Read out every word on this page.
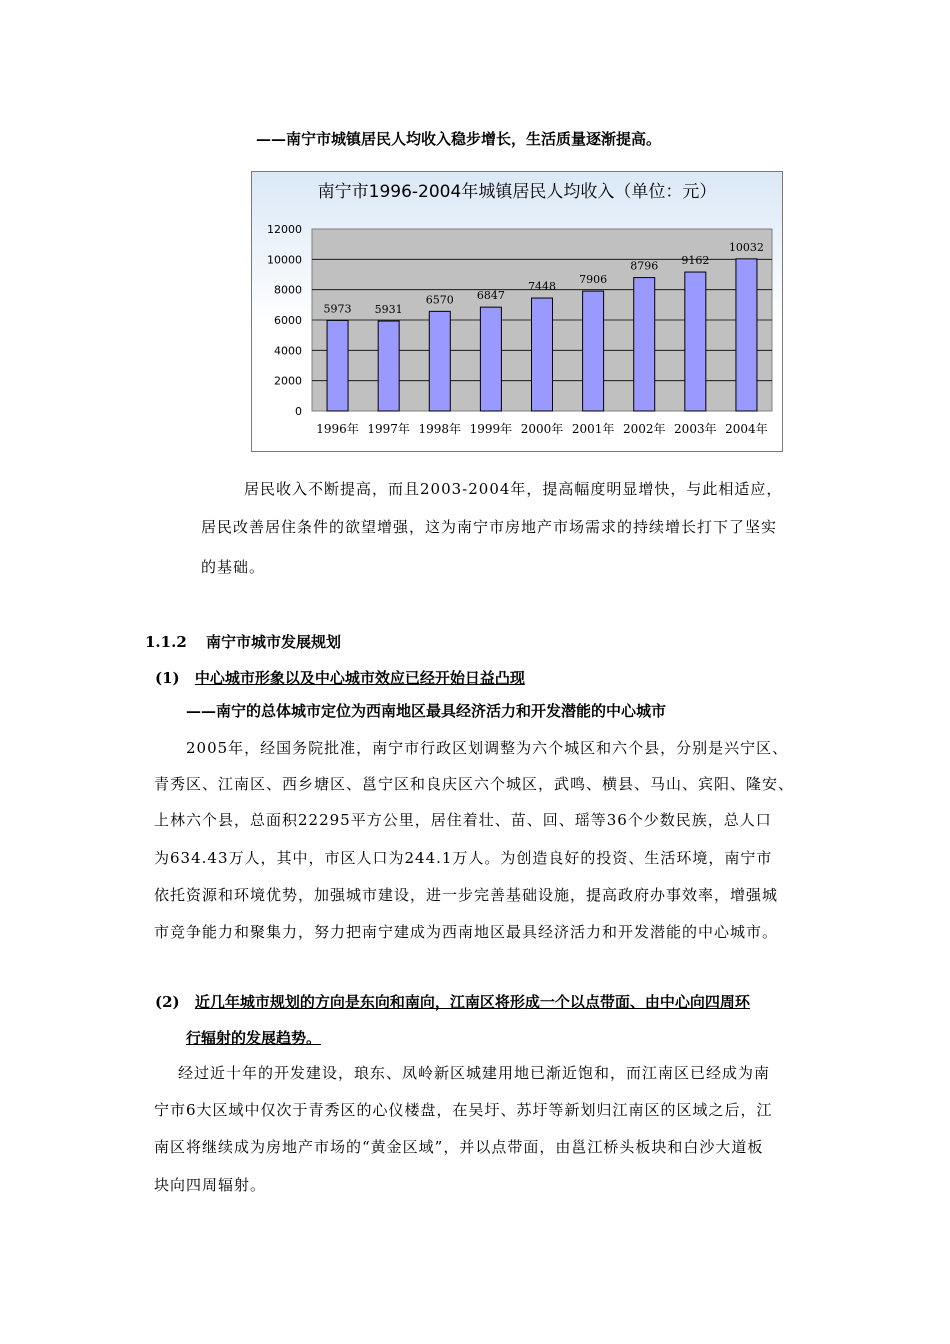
——南宁市城镇居民人均收入稳步增长，生活质量逐渐提高。
南宁市1996-2004年城镇居民人均收入（单位：元）
0
2000
4000
6000
8000
10000
12000
5973
1996年
5931
1997年
6570
1998年
6847
1999年
7448
2000年
7906
2001年
8796
2002年
9162
2003年
10032
2004年
居民收入不断提高，而且2003-2004年，提高幅度明显增快，与此相适应，
居民改善居住条件的欲望增强，这为南宁市房地产市场需求的持续增长打下了坚实
的基础。
1.1.2 南宁市城市发展规划
(1) 中心城市形象以及中心城市效应已经开始日益凸现
——南宁的总体城市定位为西南地区最具经济活力和开发潜能的中心城市
2005年，经国务院批准，南宁市行政区划调整为六个城区和六个县，分别是兴宁区、
青秀区、江南区、西乡塘区、邕宁区和良庆区六个城区，武鸣、横县、马山、宾阳、隆安、
上林六个县，总面积22295平方公里，居住着壮、苗、回、瑶等36个少数民族，总人口
为634.43万人，其中，市区人口为244.1万人。为创造良好的投资、生活环境，南宁市
依托资源和环境优势，加强城市建设，进一步完善基础设施，提高政府办事效率，增强城
市竞争能力和聚集力，努力把南宁建成为西南地区最具经济活力和开发潜能的中心城市。
(2) 近几年城市规划的方向是东向和南向，江南区将形成一个以点带面、由中心向四周环
行辐射的发展趋势。
经过近十年的开发建设，琅东、凤岭新区城建用地已渐近饱和，而江南区已经成为南
宁市6大区域中仅次于青秀区的心仪楼盘，在吴圩、苏圩等新划归江南区的区域之后，江
南区将继续成为房地产市场的“黄金区域”，并以点带面，由邕江桥头板块和白沙大道板
块向四周辐射。
